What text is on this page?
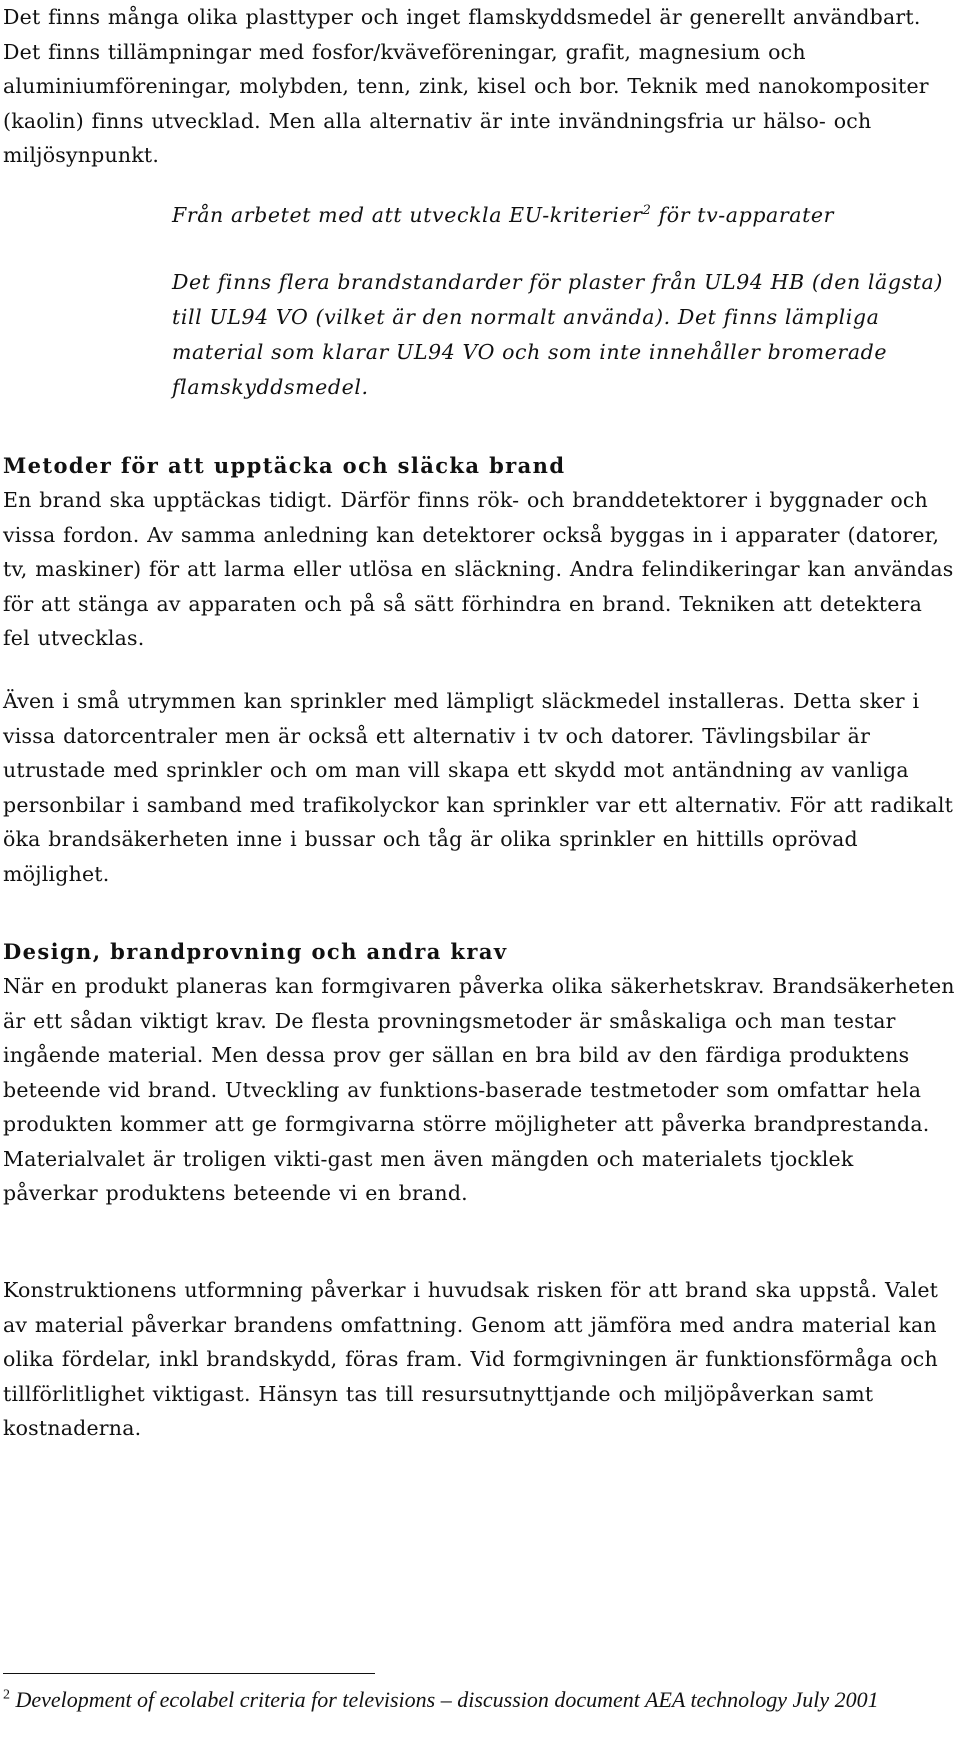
Det finns många olika plasttyper och inget flamskyddsmedel är generellt användbart. Det finns tillämpningar med fosfor/kväveföreningar, grafit, magnesium och aluminiumföreningar, molybden, tenn, zink, kisel och bor. Teknik med nanokompositer (kaolin) finns utvecklad. Men alla alternativ är inte invändningsfria ur hälso- och miljösynpunkt.

Från arbetet med att utveckla EU-kriterier$^2$ för tv-apparater

Det finns flera brandstandarder för plaster från UL94 HB (den lägsta) till UL94 VO (vilket är den normalt använda). Det finns lämpliga material som klarar UL94 VO och som inte innehåller bromerade flamskyddsmedel.

Metoder för att upptäcka och släcka brand

En brand ska upptäckas tidigt. Därför finns rök- och branddetektorer i byggnader och vissa fordon. Av samma anledning kan detektorer också byggas in i apparater (datorer, tv, maskiner) för att larma eller utlösa en släckning. Andra felindikeringar kan användas för att stänga av apparaten och på så sätt förhindra en brand. Tekniken att detektera fel utvecklas.

Även i små utrymmen kan sprinkler med lämpligt släckmedel installeras. Detta sker i vissa datorcentraler men är också ett alternativ i tv och datorer. Tävlingsbilar är utrustade med sprinkler och om man vill skapa ett skydd mot antändning av vanliga personbilar i samband med trafikolyckor kan sprinkler var ett alternativ. För att radikalt öka brandsäkerheten inne i bussar och tåg är olika sprinkler en hittills oprövad möjlighet.

Design, brandprovning och andra krav

När en produkt planeras kan formgivaren påverka olika säkerhetskrav. Brandsäkerheten är ett sådan viktigt krav. De flesta provningsmetoder är småskaliga och man testar ingående material. Men dessa prov ger sällan en bra bild av den färdiga produktens beteende vid brand. Utveckling av funktions-baserade testmetoder som omfattar hela produkten kommer att ge formgivarna större möjligheter att påverka brandprestanda. Materialvalet är troligen vikti-gast men även mängden och materialets tjocklek påverkar produktens beteende vi en brand.

Konstruktionens utformning påverkar i huvudsak risken för att brand ska uppstå. Valet av material påverkar brandens omfattning. Genom att jämföra med andra material kan olika fördelar, inkl brandskydd, föras fram. Vid formgivningen är funktionsförmåga och tillförlitlighet viktigast. Hänsyn tas till resursutnyttjande och miljöpåverkan samt kostnaderna.

$^2$ Development of ecolabel criteria for televisions – discussion document AEA technology July 2001
